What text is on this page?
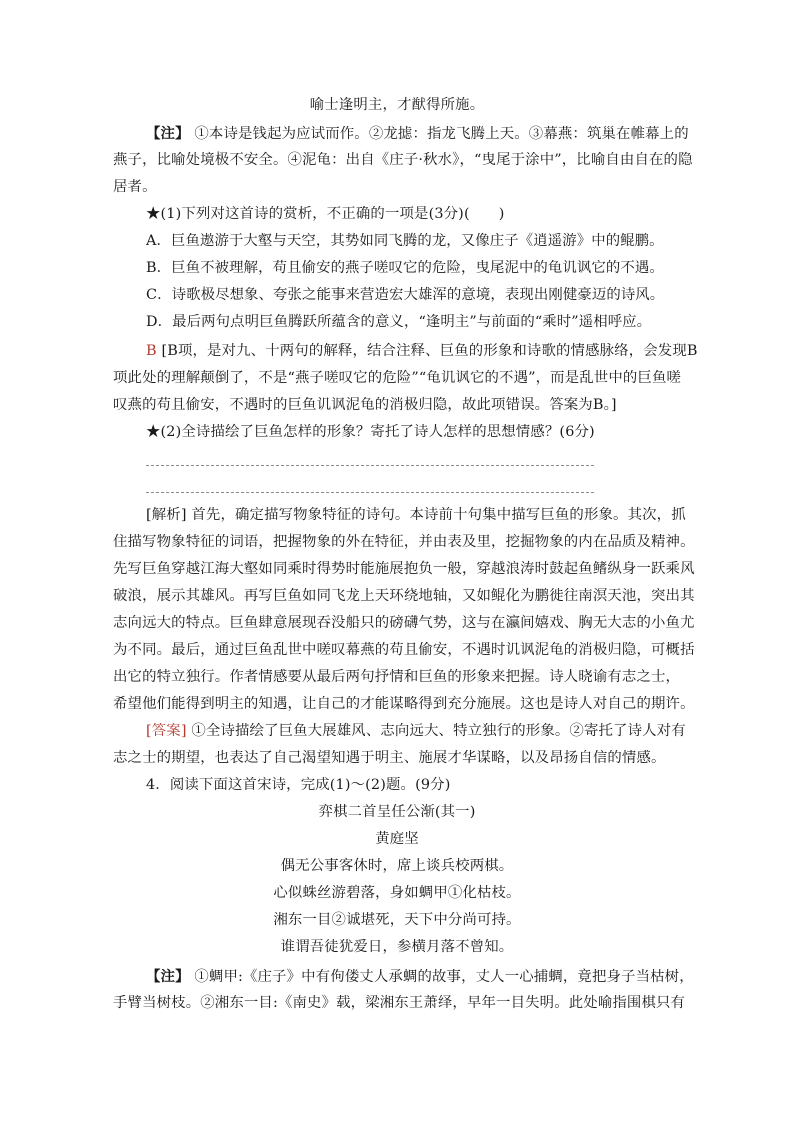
喻士逢明主，才猷得所施。
【注】 ①本诗是钱起为应试而作。②龙摅：指龙飞腾上天。③幕燕：筑巢在帷幕上的
燕子，比喻处境极不安全。④泥龟：出自《庄子·秋水》，“曳尾于涂中”，比喻自由自在的隐
居者。
★(1)下列对这首诗的赏析，不正确的一项是(3分)(　　)
A．巨鱼遨游于大壑与天空，其势如同飞腾的龙，又像庄子《逍遥游》中的鲲鹏。
B．巨鱼不被理解，苟且偷安的燕子嗟叹它的危险，曳尾泥中的龟讥讽它的不遇。
C．诗歌极尽想象、夸张之能事来营造宏大雄浑的意境，表现出刚健豪迈的诗风。
D．最后两句点明巨鱼腾跃所蕴含的意义，“逢明主”与前面的“乘时”遥相呼应。
B [B项，是对九、十两句的解释，结合注释、巨鱼的形象和诗歌的情感脉络，会发现B
项此处的理解颠倒了，不是“燕子嗟叹它的危险”“龟讥讽它的不遇”，而是乱世中的巨鱼嗟
叹燕的苟且偷安，不遇时的巨鱼讥讽泥龟的消极归隐，故此项错误。答案为B。]
★(2)全诗描绘了巨鱼怎样的形象？寄托了诗人怎样的思想情感？(6分)
[解析] 首先，确定描写物象特征的诗句。本诗前十句集中描写巨鱼的形象。其次，抓
住描写物象特征的词语，把握物象的外在特征，并由表及里，挖掘物象的内在品质及精神。
先写巨鱼穿越江海大壑如同乘时得势时能施展抱负一般，穿越浪涛时鼓起鱼鳍纵身一跃乘风
破浪，展示其雄风。再写巨鱼如同飞龙上天环绕地轴，又如鲲化为鹏徙往南溟天池，突出其
志向远大的特点。巨鱼肆意展现吞没船只的磅礴气势，这与在瀛间嬉戏、胸无大志的小鱼尤
为不同。最后，通过巨鱼乱世中嗟叹幕燕的苟且偷安，不遇时讥讽泥龟的消极归隐，可概括
出它的特立独行。作者情感要从最后两句抒情和巨鱼的形象来把握。诗人晓谕有志之士，
希望他们能得到明主的知遇，让自己的才能谋略得到充分施展。这也是诗人对自己的期许。
[答案] ①全诗描绘了巨鱼大展雄风、志向远大、特立独行的形象。②寄托了诗人对有
志之士的期望，也表达了自己渴望知遇于明主、施展才华谋略，以及昂扬自信的情感。
4．阅读下面这首宋诗，完成(1)～(2)题。(9分)
弈棋二首呈任公渐(其一)
黄庭坚
偶无公事客休时，席上谈兵校两棋。
心似蛛丝游碧落，身如蜩甲①化枯枝。
湘东一目②诚堪死，天下中分尚可持。
谁谓吾徒犹爱日，参横月落不曾知。
【注】 ①蜩甲:《庄子》中有佝偻丈人承蜩的故事，丈人一心捕蜩，竟把身子当枯树，
手臂当树枝。②湘东一目:《南史》载，梁湘东王萧绎，早年一目失明。此处喻指围棋只有
